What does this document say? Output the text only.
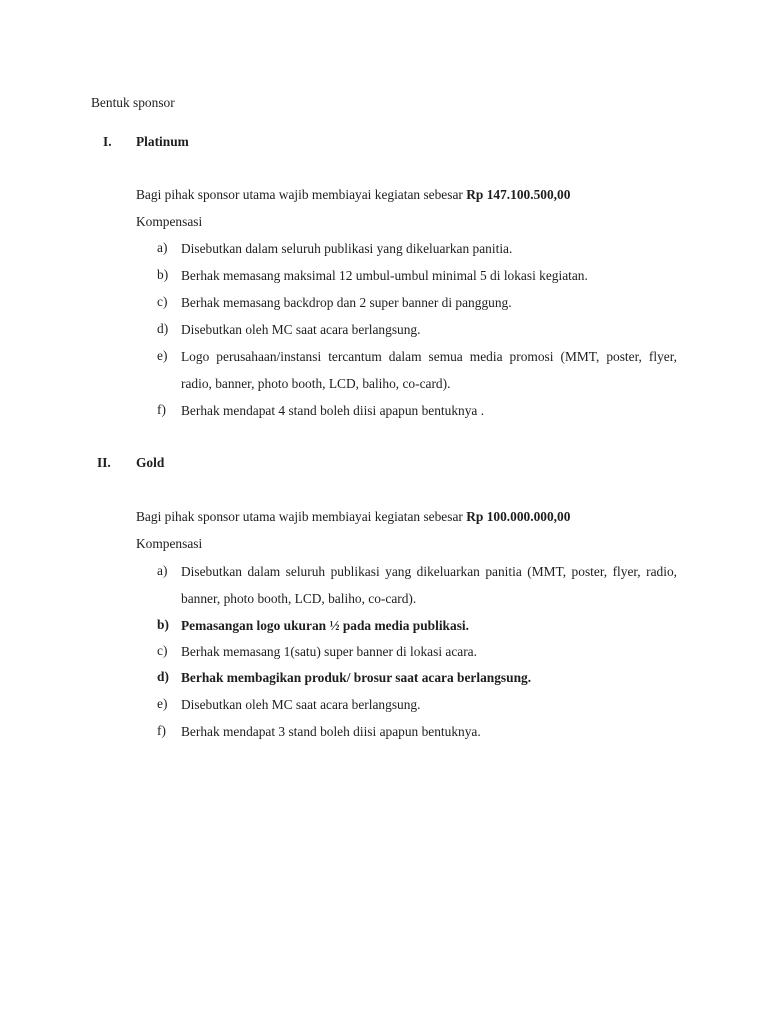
Bentuk sponsor
I. Platinum
Bagi pihak sponsor utama wajib membiayai kegiatan sebesar Rp 147.100.500,00
Kompensasi
a) Disebutkan dalam seluruh publikasi yang dikeluarkan panitia.
b) Berhak memasang maksimal 12 umbul-umbul minimal 5 di lokasi kegiatan.
c) Berhak memasang backdrop dan 2 super banner di panggung.
d) Disebutkan oleh MC saat acara berlangsung.
e) Logo perusahaan/instansi tercantum dalam semua media promosi (MMT, poster, flyer, radio, banner, photo booth, LCD, baliho, co-card).
f) Berhak mendapat 4 stand boleh diisi apapun bentuknya .
II. Gold
Bagi pihak sponsor utama wajib membiayai kegiatan sebesar Rp 100.000.000,00
Kompensasi
a) Disebutkan dalam seluruh publikasi yang dikeluarkan panitia (MMT, poster, flyer, radio, banner, photo booth, LCD, baliho, co-card).
b) Pemasangan logo ukuran ½ pada media publikasi.
c) Berhak memasang 1(satu) super banner di lokasi acara.
d) Berhak membagikan produk/ brosur saat acara berlangsung.
e) Disebutkan oleh MC saat acara berlangsung.
f) Berhak mendapat 3 stand boleh diisi apapun bentuknya.
